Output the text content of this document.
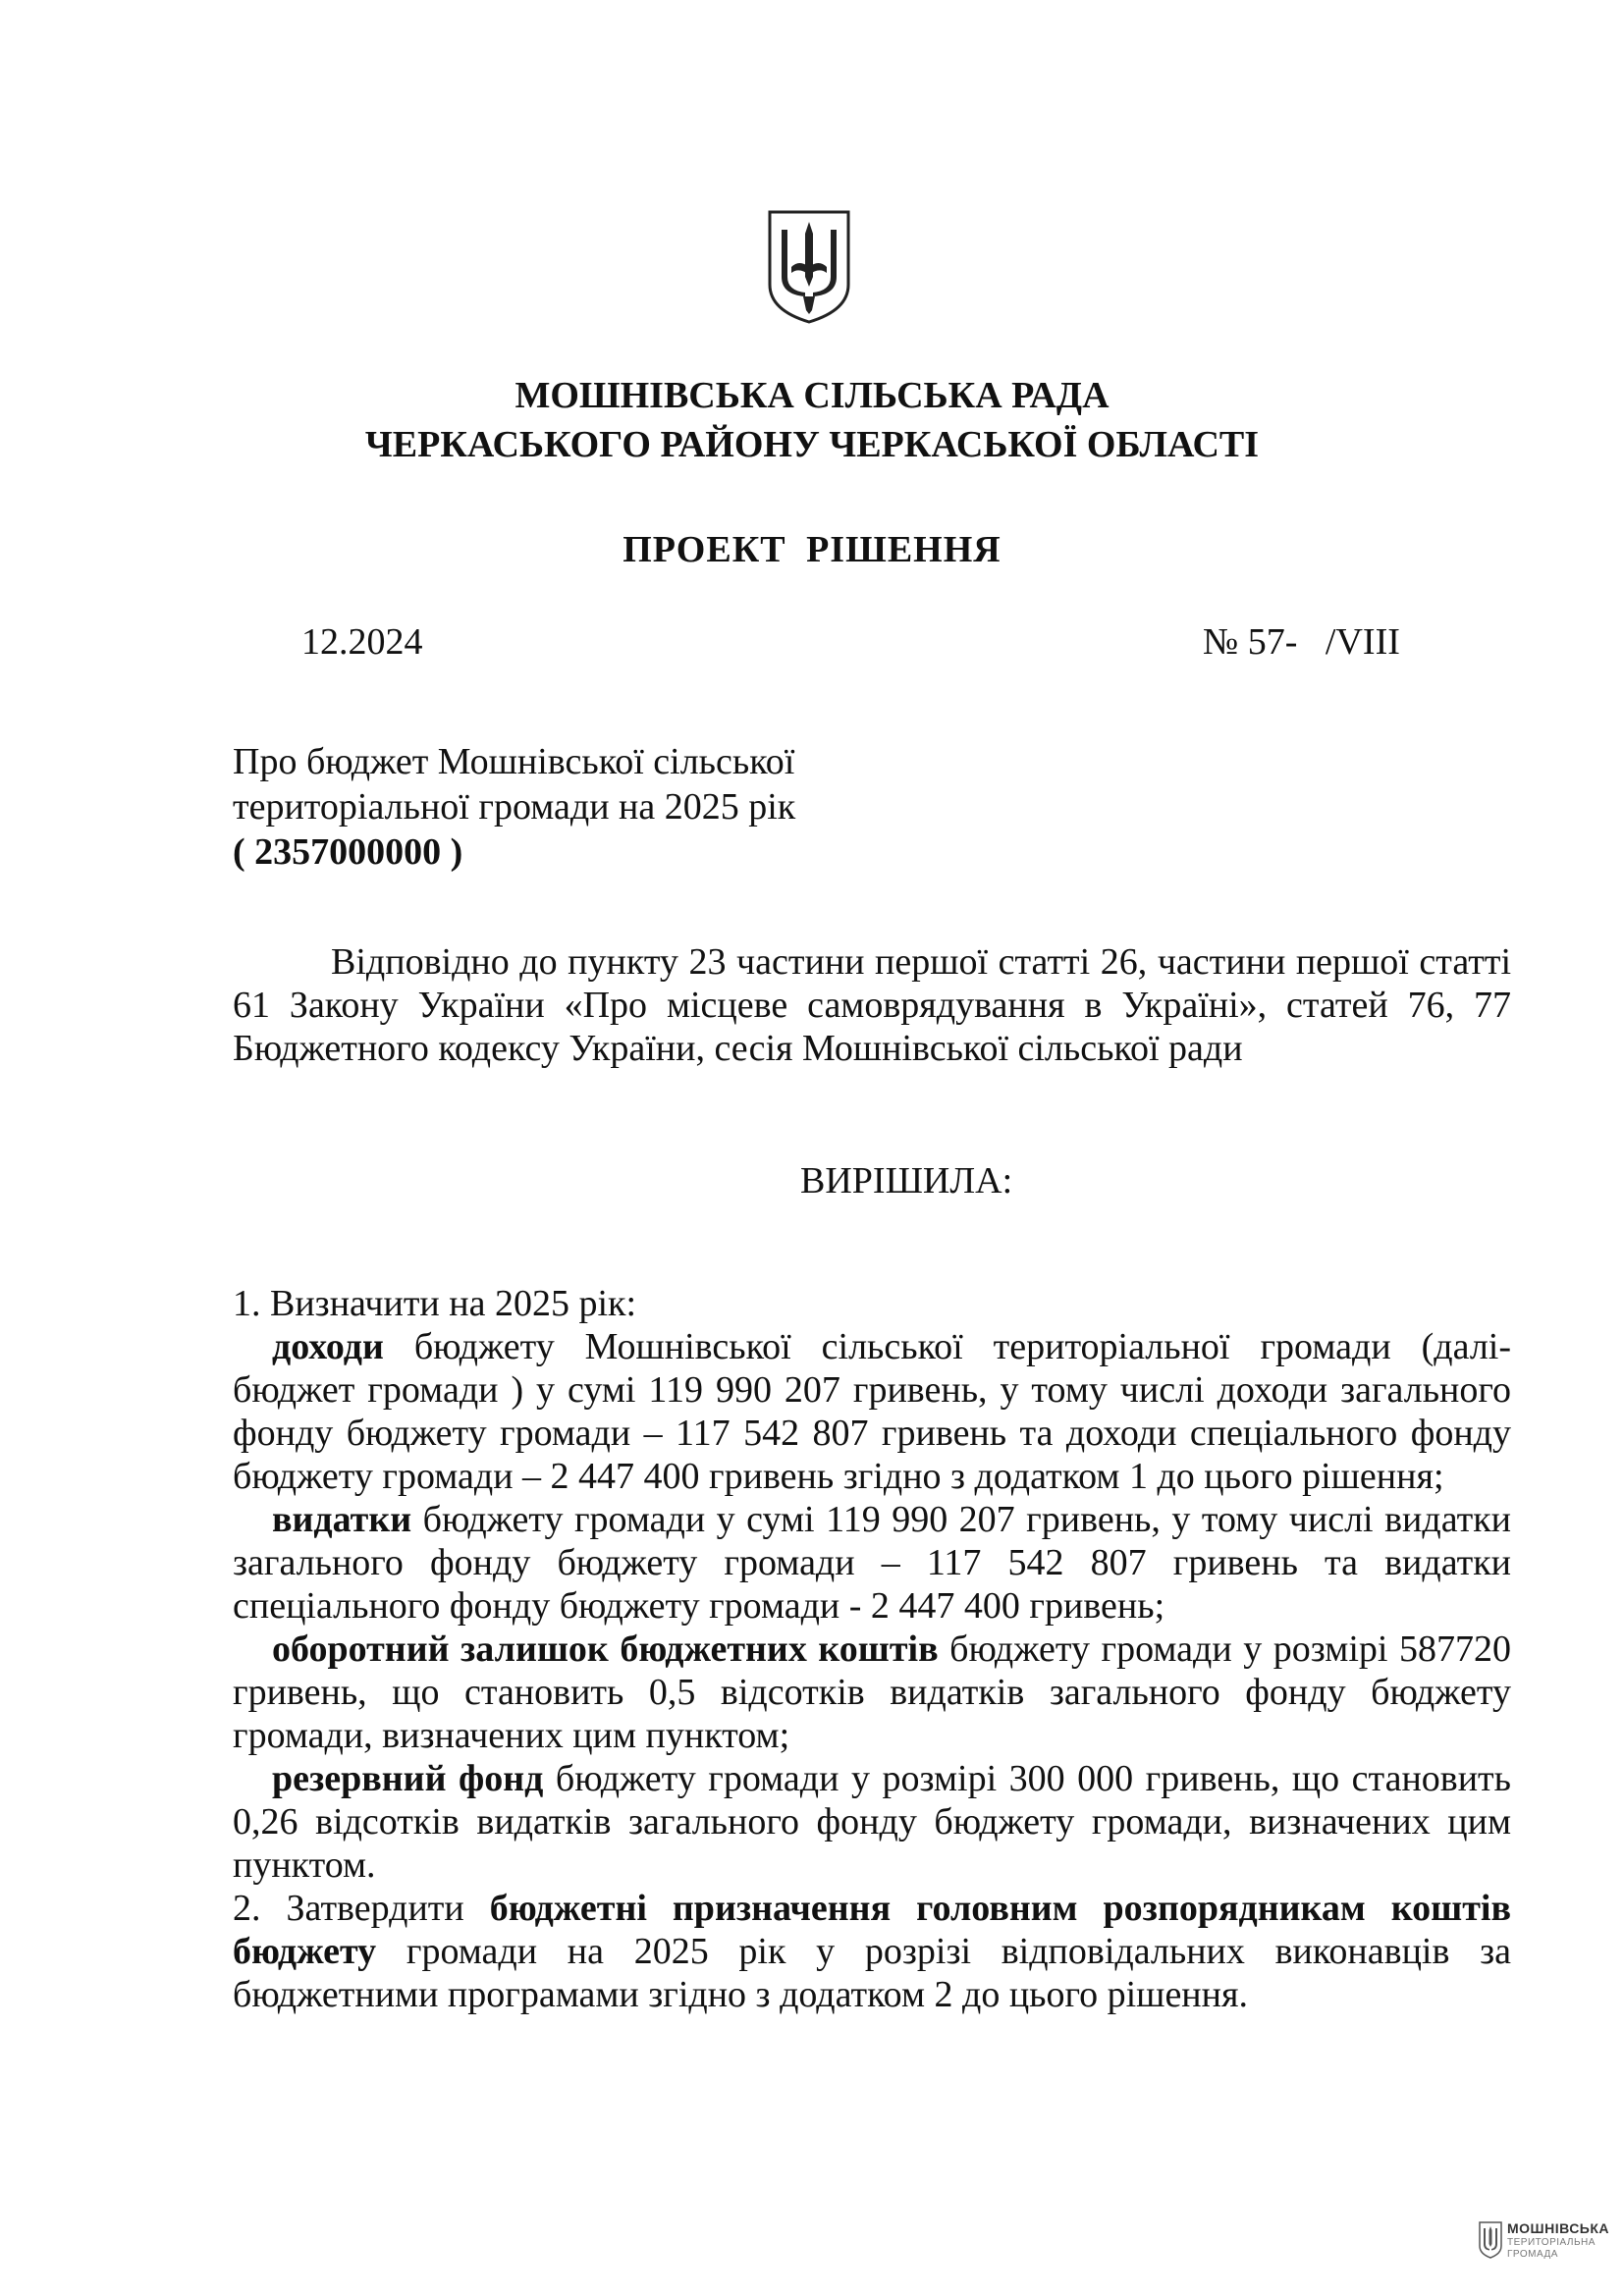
МОШНІВСЬКА СІЛЬСЬКА РАДА
ЧЕРКАСЬКОГО РАЙОНУ ЧЕРКАСЬКОЇ ОБЛАСТІ
ПРОЕКТ РІШЕННЯ
12.2024	№ 57-   /VIII
Про бюджет Мошнівської сільської
територіальної громади на 2025 рік
( 2357000000 )
Відповідно до пункту 23 частини першої статті 26, частини першої статті 61 Закону України «Про місцеве самоврядування в Україні», статей 76, 77 Бюджетного кодексу України, сесія Мошнівської сільської ради
ВИРІШИЛА:

1. Визначити на 2025 рік:

доходи бюджету Мошнівської сільської територіальної громади (далі- бюджет громади ) у сумі 119 990 207 гривень, у тому числі доходи загального фонду бюджету громади – 117 542 807 гривень та доходи спеціального фонду бюджету громади – 2 447 400 гривень згідно з додатком 1 до цього рішення;

видатки бюджету громади у сумі 119 990 207 гривень, у тому числі видатки загального фонду бюджету громади – 117 542 807 гривень та видатки спеціального фонду бюджету громади - 2 447 400 гривень;

оборотний залишок бюджетних коштів бюджету громади у розмірі 587720 гривень, що становить 0,5 відсотків видатків загального фонду бюджету громади, визначених цим пунктом;

резервний фонд бюджету громади у розмірі 300 000 гривень, що становить 0,26 відсотків видатків загального фонду бюджету громади, визначених цим пунктом.

2. Затвердити бюджетні призначення головним розпорядникам коштів бюджету громади на 2025 рік у розрізі відповідальних виконавців за бюджетними програмами згідно з додатком 2 до цього рішення.

МОШНІВСЬКА
ТЕРИТОРІАЛЬНА
ГРОМАДА
